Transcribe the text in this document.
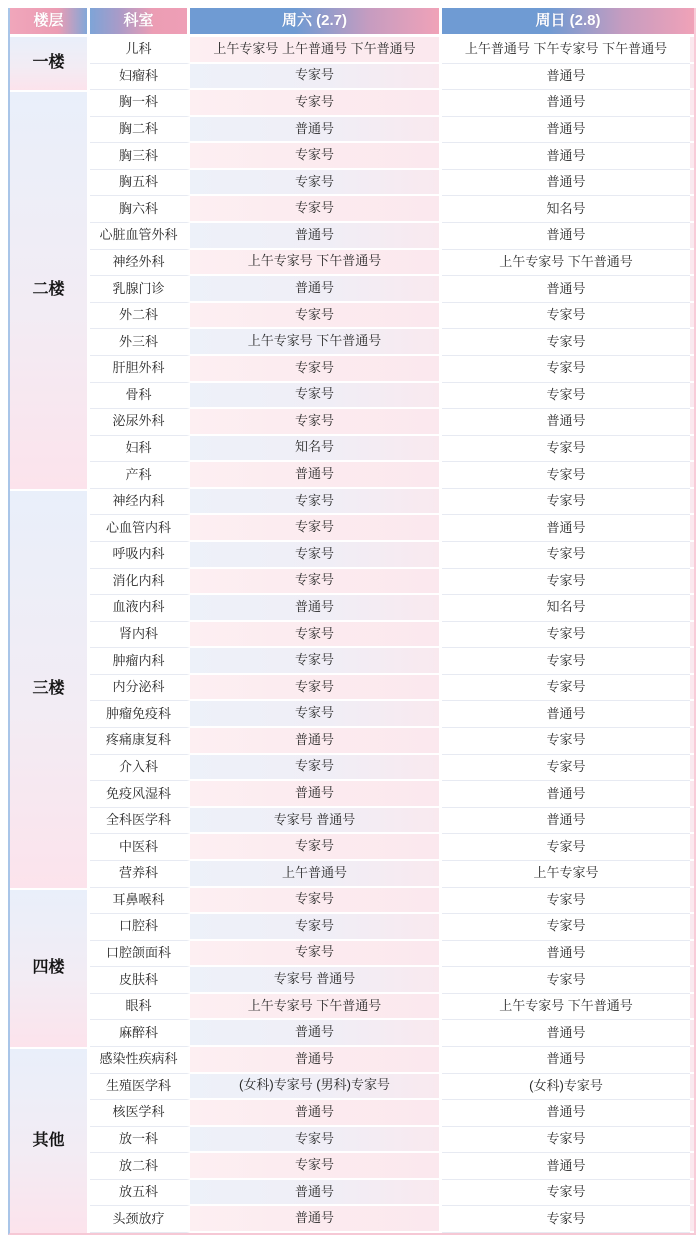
楼层	科室	周六 (2.7)	周日 (2.8)
一楼
儿科	上午专家号 上午普通号 下午普通号	上午普通号 下午专家号 下午普通号
妇瘤科	专家号	普通号
二楼
胸一科	专家号	普通号
胸二科	普通号	普通号
胸三科	专家号	普通号
胸五科	专家号	普通号
胸六科	专家号	知名号
心脏血管外科	普通号	普通号
神经外科	上午专家号 下午普通号	上午专家号 下午普通号
乳腺门诊	普通号	普通号
外二科	专家号	专家号
外三科	上午专家号 下午普通号	专家号
肝胆外科	专家号	专家号
骨科	专家号	专家号
泌尿外科	专家号	普通号
妇科	知名号	专家号
产科	普通号	专家号
三楼
神经内科	专家号	专家号
心血管内科	专家号	普通号
呼吸内科	专家号	专家号
消化内科	专家号	专家号
血液内科	普通号	知名号
肾内科	专家号	专家号
肿瘤内科	专家号	专家号
内分泌科	专家号	专家号
肿瘤免疫科	专家号	普通号
疼痛康复科	普通号	专家号
介入科	专家号	专家号
免疫风湿科	普通号	普通号
全科医学科	专家号 普通号	普通号
中医科	专家号	专家号
营养科	上午普通号	上午专家号
四楼
耳鼻喉科	专家号	专家号
口腔科	专家号	专家号
口腔颌面科	专家号	普通号
皮肤科	专家号 普通号	专家号
眼科	上午专家号 下午普通号	上午专家号 下午普通号
麻醉科	普通号	普通号
其他
感染性疾病科	普通号	普通号
生殖医学科	(女科)专家号 (男科)专家号	(女科)专家号
核医学科	普通号	普通号
放一科	专家号	专家号
放二科	专家号	普通号
放五科	普通号	专家号
头颈放疗	普通号	专家号
